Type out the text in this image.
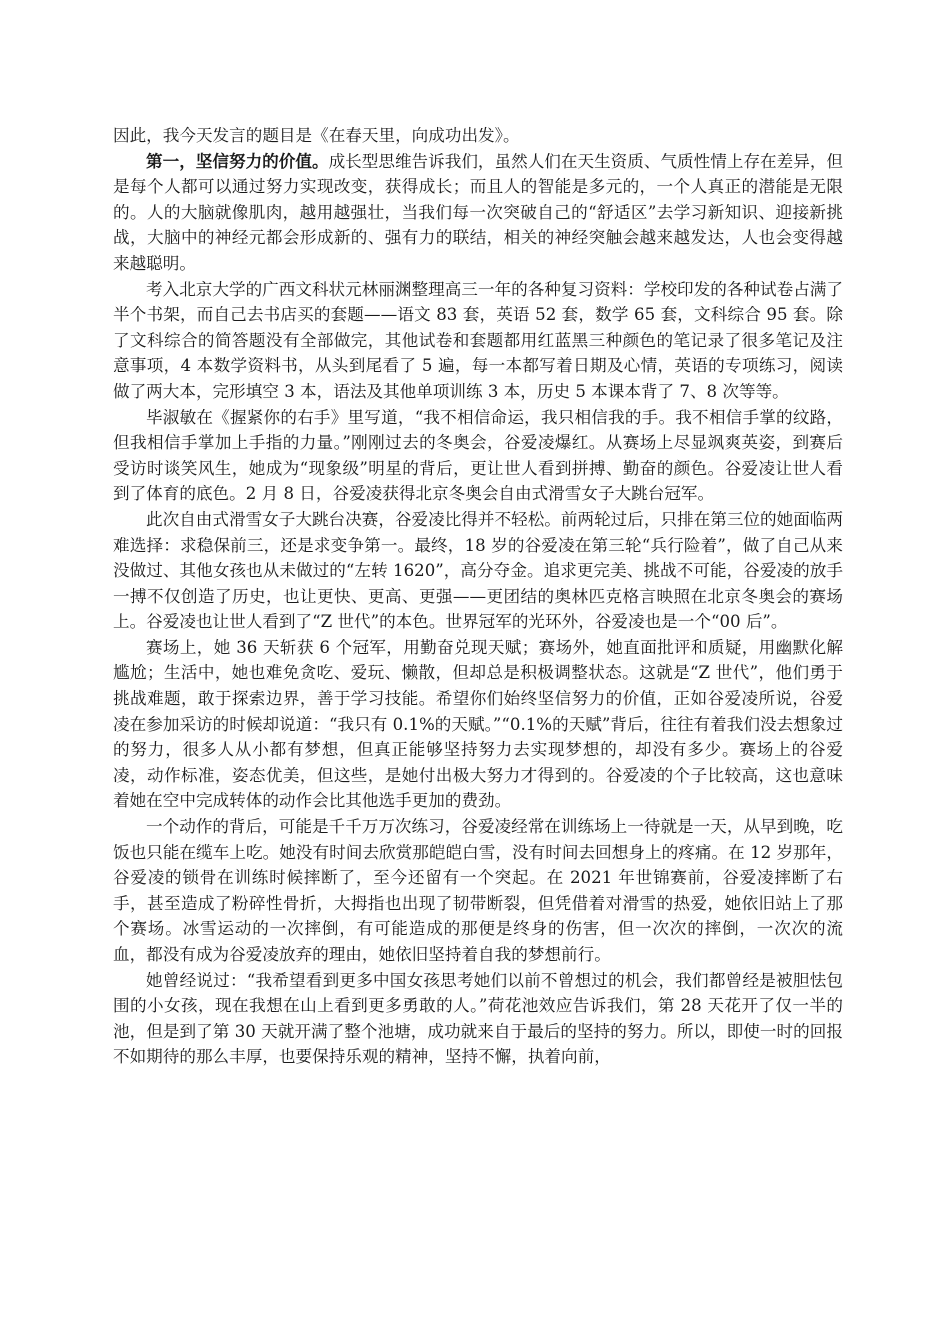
因此，我今天发言的题目是《在春天里，向成功出发》。

第一，坚信努力的价值。成长型思维告诉我们，虽然人们在天生资质、气质性情上存在差异，但是每个人都可以通过努力实现改变，获得成长；而且人的智能是多元的，一个人真正的潜能是无限的。人的大脑就像肌肉，越用越强壮，当我们每一次突破自己的“舒适区”去学习新知识、迎接新挑战，大脑中的神经元都会形成新的、强有力的联结，相关的神经突触会越来越发达，人也会变得越来越聪明。

考入北京大学的广西文科状元林丽渊整理高三一年的各种复习资料：学校印发的各种试卷占满了半个书架，而自己去书店买的套题——语文 83 套，英语 52 套，数学 65 套，文科综合 95 套。除了文科综合的简答题没有全部做完，其他试卷和套题都用红蓝黑三种颜色的笔记录了很多笔记及注意事项，4 本数学资料书，从头到尾看了 5 遍，每一本都写着日期及心情，英语的专项练习，阅读做了两大本，完形填空 3 本，语法及其他单项训练 3 本，历史 5 本课本背了 7、8 次等等。

毕淑敏在《握紧你的右手》里写道，“我不相信命运，我只相信我的手。我不相信手掌的纹路，但我相信手掌加上手指的力量。”刚刚过去的冬奥会，谷爱凌爆红。从赛场上尽显飒爽英姿，到赛后受访时谈笑风生，她成为“现象级”明星的背后，更让世人看到拼搏、勤奋的颜色。谷爱凌让世人看到了体育的底色。2 月 8 日，谷爱凌获得北京冬奥会自由式滑雪女子大跳台冠军。

此次自由式滑雪女子大跳台决赛，谷爱凌比得并不轻松。前两轮过后，只排在第三位的她面临两难选择：求稳保前三，还是求变争第一。最终，18 岁的谷爱凌在第三轮“兵行险着”，做了自己从来没做过、其他女孩也从未做过的“左转 1620”，高分夺金。追求更完美、挑战不可能，谷爱凌的放手一搏不仅创造了历史，也让更快、更高、更强——更团结的奥林匹克格言映照在北京冬奥会的赛场上。谷爱凌也让世人看到了“Z 世代”的本色。世界冠军的光环外，谷爱凌也是一个“00 后”。

赛场上，她 36 天斩获 6 个冠军，用勤奋兑现天赋；赛场外，她直面批评和质疑，用幽默化解尴尬；生活中，她也难免贪吃、爱玩、懒散，但却总是积极调整状态。这就是“Z 世代”，他们勇于挑战难题，敢于探索边界，善于学习技能。希望你们始终坚信努力的价值，正如谷爱凌所说，谷爱凌在参加采访的时候却说道：“我只有 0.1%的天赋。”“0.1%的天赋”背后，往往有着我们没去想象过的努力，很多人从小都有梦想，但真正能够坚持努力去实现梦想的，却没有多少。赛场上的谷爱凌，动作标准，姿态优美，但这些，是她付出极大努力才得到的。谷爱凌的个子比较高，这也意味着她在空中完成转体的动作会比其他选手更加的费劲。

一个动作的背后，可能是千千万万次练习，谷爱凌经常在训练场上一待就是一天，从早到晚，吃饭也只能在缆车上吃。她没有时间去欣赏那皑皑白雪，没有时间去回想身上的疼痛。在 12 岁那年，谷爱凌的锁骨在训练时候摔断了，至今还留有一个突起。在 2021 年世锦赛前，谷爱凌摔断了右手，甚至造成了粉碎性骨折，大拇指也出现了韧带断裂，但凭借着对滑雪的热爱，她依旧站上了那个赛场。冰雪运动的一次摔倒，有可能造成的那便是终身的伤害，但一次次的摔倒，一次次的流血，都没有成为谷爱凌放弃的理由，她依旧坚持着自我的梦想前行。

她曾经说过：“我希望看到更多中国女孩思考她们以前不曾想过的机会，我们都曾经是被胆怯包围的小女孩，现在我想在山上看到更多勇敢的人。”荷花池效应告诉我们，第 28 天花开了仅一半的池，但是到了第 30 天就开满了整个池塘，成功就来自于最后的坚持的努力。所以，即使一时的回报不如期待的那么丰厚，也要保持乐观的精神，坚持不懈，执着向前，
